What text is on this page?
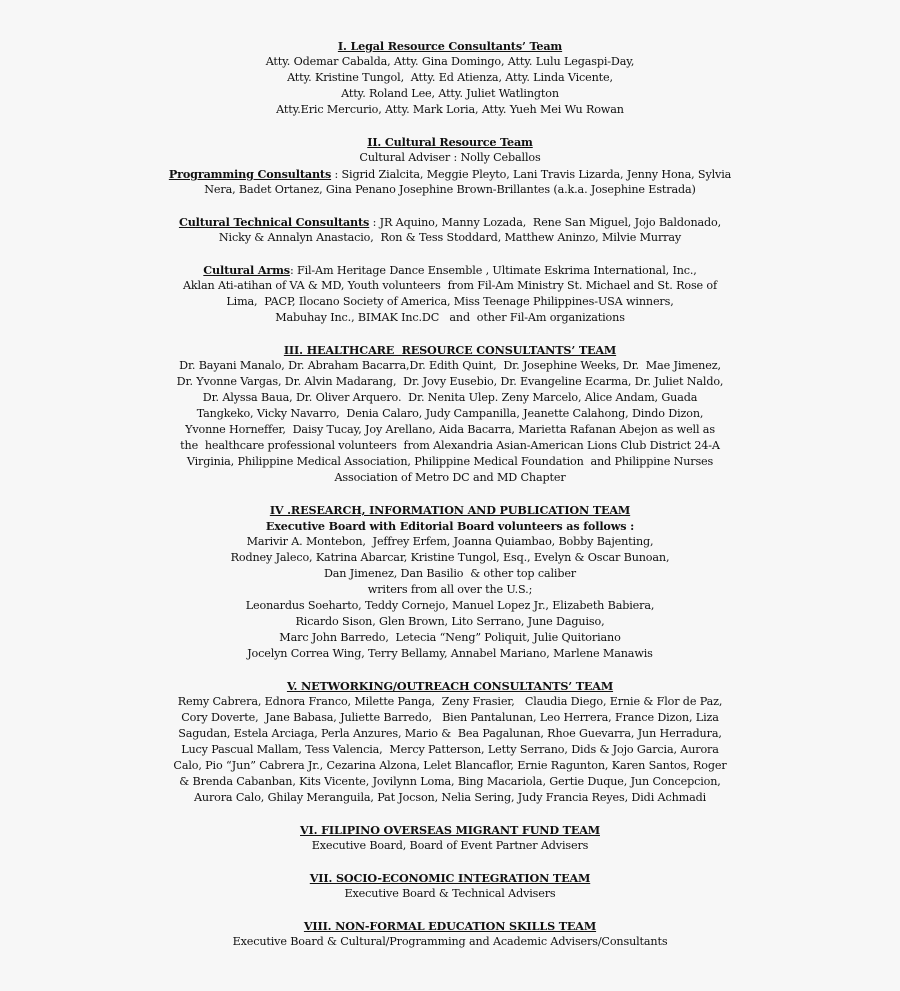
I. Legal Resource Consultants’ Team
Atty. Odemar Cabalda, Atty. Gina Domingo, Atty. Lulu Legaspi-Day,
Atty. Kristine Tungol,  Atty. Ed Atienza, Atty. Linda Vicente,
Atty. Roland Lee, Atty. Juliet Watlington
Atty.Eric Mercurio, Atty. Mark Loria, Atty. Yueh Mei Wu Rowan
II. Cultural Resource Team
Cultural Adviser : Nolly Ceballos
Programming Consultants : Sigrid Zialcita, Meggie Pleyto, Lani Travis Lizarda, Jenny Hona, Sylvia
Nera, Badet Ortanez, Gina Penano Josephine Brown-Brillantes (a.k.a. Josephine Estrada)
Cultural Technical Consultants : JR Aquino, Manny Lozada,  Rene San Miguel, Jojo Baldonado,
Nicky & Annalyn Anastacio,  Ron & Tess Stoddard, Matthew Aninzo, Milvie Murray
Cultural Arms: Fil-Am Heritage Dance Ensemble , Ultimate Eskrima International, Inc.,
Aklan Ati-atihan of VA & MD, Youth volunteers  from Fil-Am Ministry St. Michael and St. Rose of
Lima,  PACP, Ilocano Society of America, Miss Teenage Philippines-USA winners,
Mabuhay Inc., BIMAK Inc.DC   and  other Fil-Am organizations
III. HEALTHCARE  RESOURCE CONSULTANTS’ TEAM
Dr. Bayani Manalo, Dr. Abraham Bacarra,Dr. Edith Quint,  Dr. Josephine Weeks, Dr.  Mae Jimenez,
Dr. Yvonne Vargas, Dr. Alvin Madarang,  Dr. Jovy Eusebio, Dr. Evangeline Ecarma, Dr. Juliet Naldo,
Dr. Alyssa Baua, Dr. Oliver Arquero.  Dr. Nenita Ulep. Zeny Marcelo, Alice Andam, Guada
Tangkeko, Vicky Navarro,  Denia Calaro, Judy Campanilla, Jeanette Calahong, Dindo Dizon,
Yvonne Horneffer,  Daisy Tucay, Joy Arellano, Aida Bacarra, Marietta Rafanan Abejon as well as
the  healthcare professional volunteers  from Alexandria Asian-American Lions Club District 24-A
Virginia, Philippine Medical Association, Philippine Medical Foundation  and Philippine Nurses
Association of Metro DC and MD Chapter
IV .RESEARCH, INFORMATION AND PUBLICATION TEAM
Executive Board with Editorial Board volunteers as follows :
Marivir A. Montebon,  Jeffrey Erfem, Joanna Quiambao, Bobby Bajenting,
Rodney Jaleco, Katrina Abarcar, Kristine Tungol, Esq., Evelyn & Oscar Bunoan,
Dan Jimenez, Dan Basilio  & other top caliber
writers from all over the U.S.;
Leonardus Soeharto, Teddy Cornejo, Manuel Lopez Jr., Elizabeth Babiera,
Ricardo Sison, Glen Brown, Lito Serrano, June Daguiso,
Marc John Barredo,  Letecia “Neng” Poliquit, Julie Quitoriano
Jocelyn Correa Wing, Terry Bellamy, Annabel Mariano, Marlene Manawis
V. NETWORKING/OUTREACH CONSULTANTS’ TEAM
Remy Cabrera, Ednora Franco, Milette Panga,  Zeny Frasier,   Claudia Diego, Ernie & Flor de Paz,
Cory Doverte,  Jane Babasa, Juliette Barredo,   Bien Pantalunan, Leo Herrera, France Dizon, Liza
Sagudan, Estela Arciaga, Perla Anzures, Mario &  Bea Pagalunan, Rhoe Guevarra, Jun Herradura,
Lucy Pascual Mallam, Tess Valencia,  Mercy Patterson, Letty Serrano, Dids & Jojo Garcia, Aurora
Calo, Pio “Jun” Cabrera Jr., Cezarina Alzona, Lelet Blancaflor, Ernie Ragunton, Karen Santos, Roger
& Brenda Cabanban, Kits Vicente, Jovilynn Loma, Bing Macariola, Gertie Duque, Jun Concepcion,
Aurora Calo, Ghilay Meranguila, Pat Jocson, Nelia Sering, Judy Francia Reyes, Didi Achmadi
VI. FILIPINO OVERSEAS MIGRANT FUND TEAM
Executive Board, Board of Event Partner Advisers
VII. SOCIO-ECONOMIC INTEGRATION TEAM
Executive Board & Technical Advisers
VIII. NON-FORMAL EDUCATION SKILLS TEAM
Executive Board & Cultural/Programming and Academic Advisers/Consultants
